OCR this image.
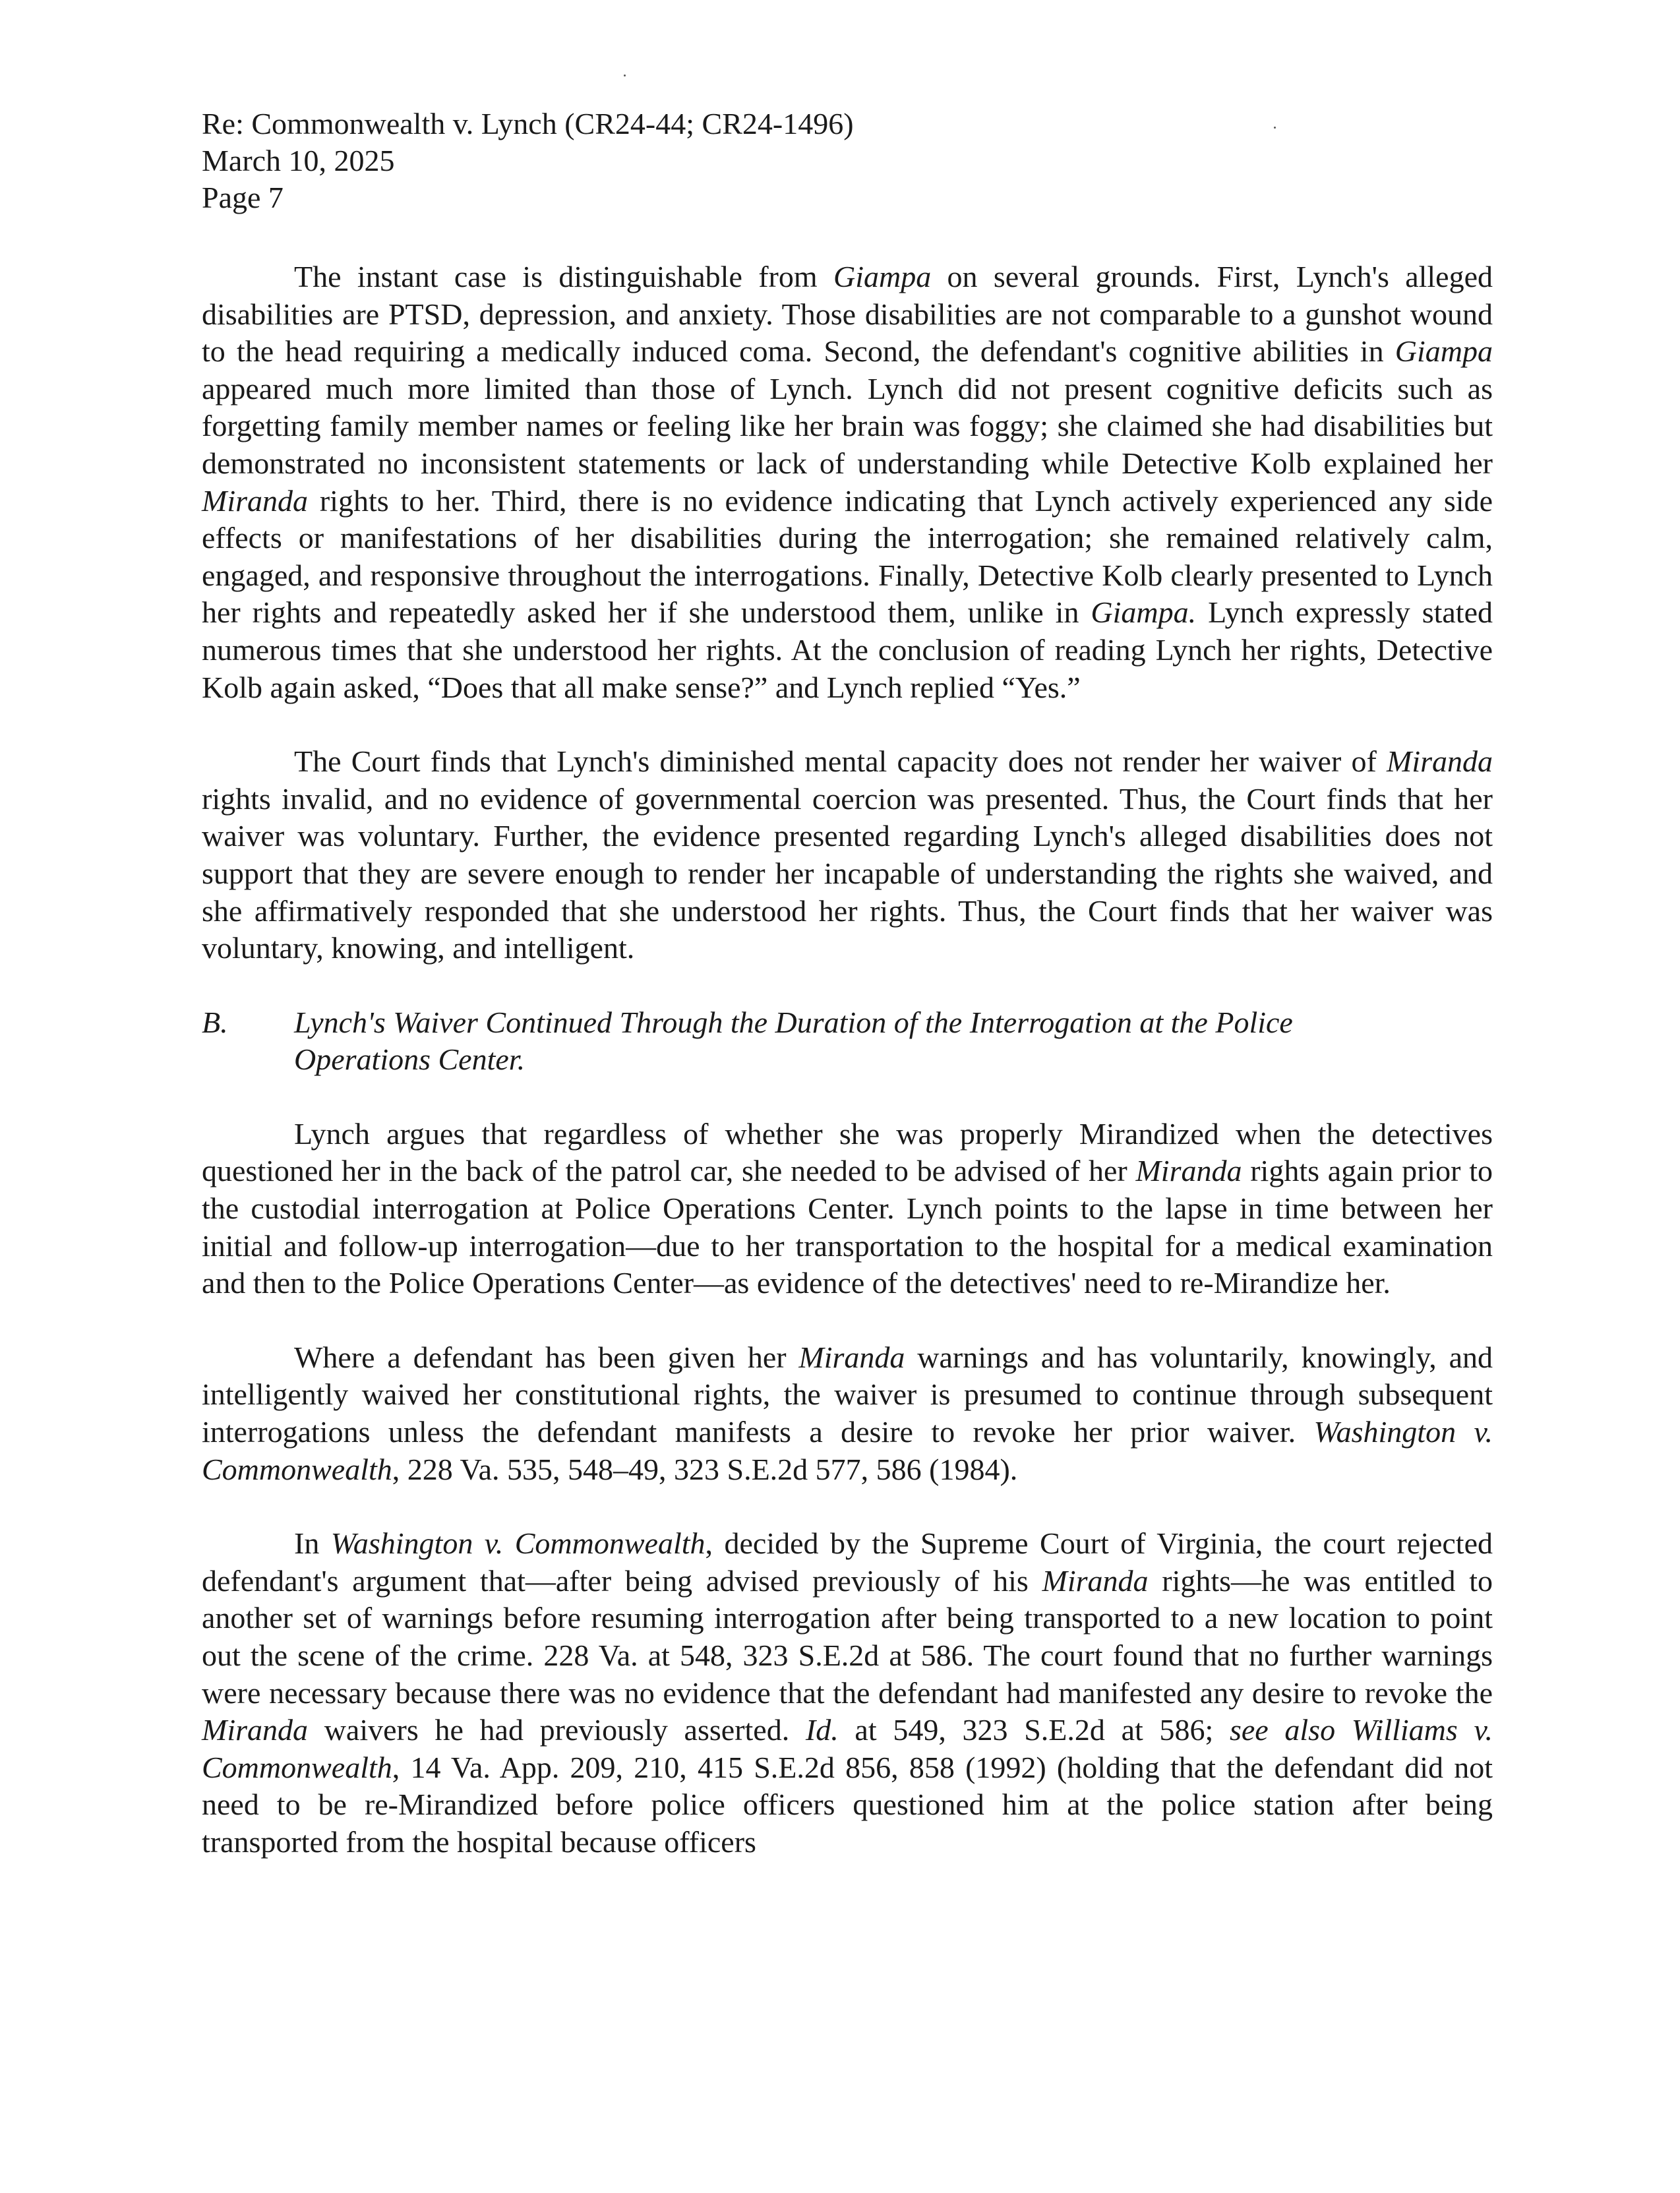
Re: Commonwealth v. Lynch (CR24-44; CR24-1496)
March 10, 2025
Page 7

The instant case is distinguishable from Giampa on several grounds. First, Lynch's alleged disabilities are PTSD, depression, and anxiety. Those disabilities are not comparable to a gunshot wound to the head requiring a medically induced coma. Second, the defendant's cognitive abilities in Giampa appeared much more limited than those of Lynch. Lynch did not present cognitive deficits such as forgetting family member names or feeling like her brain was foggy; she claimed she had disabilities but demonstrated no inconsistent statements or lack of understanding while Detective Kolb explained her Miranda rights to her. Third, there is no evidence indicating that Lynch actively experienced any side effects or manifestations of her disabilities during the interrogation; she remained relatively calm, engaged, and responsive throughout the interrogations. Finally, Detective Kolb clearly presented to Lynch her rights and repeatedly asked her if she understood them, unlike in Giampa. Lynch expressly stated numerous times that she understood her rights. At the conclusion of reading Lynch her rights, Detective Kolb again asked, “Does that all make sense?” and Lynch replied “Yes.”

The Court finds that Lynch's diminished mental capacity does not render her waiver of Miranda rights invalid, and no evidence of governmental coercion was presented. Thus, the Court finds that her waiver was voluntary. Further, the evidence presented regarding Lynch's alleged disabilities does not support that they are severe enough to render her incapable of understanding the rights she waived, and she affirmatively responded that she understood her rights. Thus, the Court finds that her waiver was voluntary, knowing, and intelligent.

B.	Lynch's Waiver Continued Through the Duration of the Interrogation at the Police Operations Center.

Lynch argues that regardless of whether she was properly Mirandized when the detectives questioned her in the back of the patrol car, she needed to be advised of her Miranda rights again prior to the custodial interrogation at Police Operations Center. Lynch points to the lapse in time between her initial and follow-up interrogation—due to her transportation to the hospital for a medical examination and then to the Police Operations Center—as evidence of the detectives' need to re-Mirandize her.

Where a defendant has been given her Miranda warnings and has voluntarily, knowingly, and intelligently waived her constitutional rights, the waiver is presumed to continue through subsequent interrogations unless the defendant manifests a desire to revoke her prior waiver. Washington v. Commonwealth, 228 Va. 535, 548–49, 323 S.E.2d 577, 586 (1984).

In Washington v. Commonwealth, decided by the Supreme Court of Virginia, the court rejected defendant's argument that—after being advised previously of his Miranda rights—he was entitled to another set of warnings before resuming interrogation after being transported to a new location to point out the scene of the crime. 228 Va. at 548, 323 S.E.2d at 586. The court found that no further warnings were necessary because there was no evidence that the defendant had manifested any desire to revoke the Miranda waivers he had previously asserted. Id. at 549, 323 S.E.2d at 586; see also Williams v. Commonwealth, 14 Va. App. 209, 210, 415 S.E.2d 856, 858 (1992) (holding that the defendant did not need to be re-Mirandized before police officers questioned him at the police station after being transported from the hospital because officers
